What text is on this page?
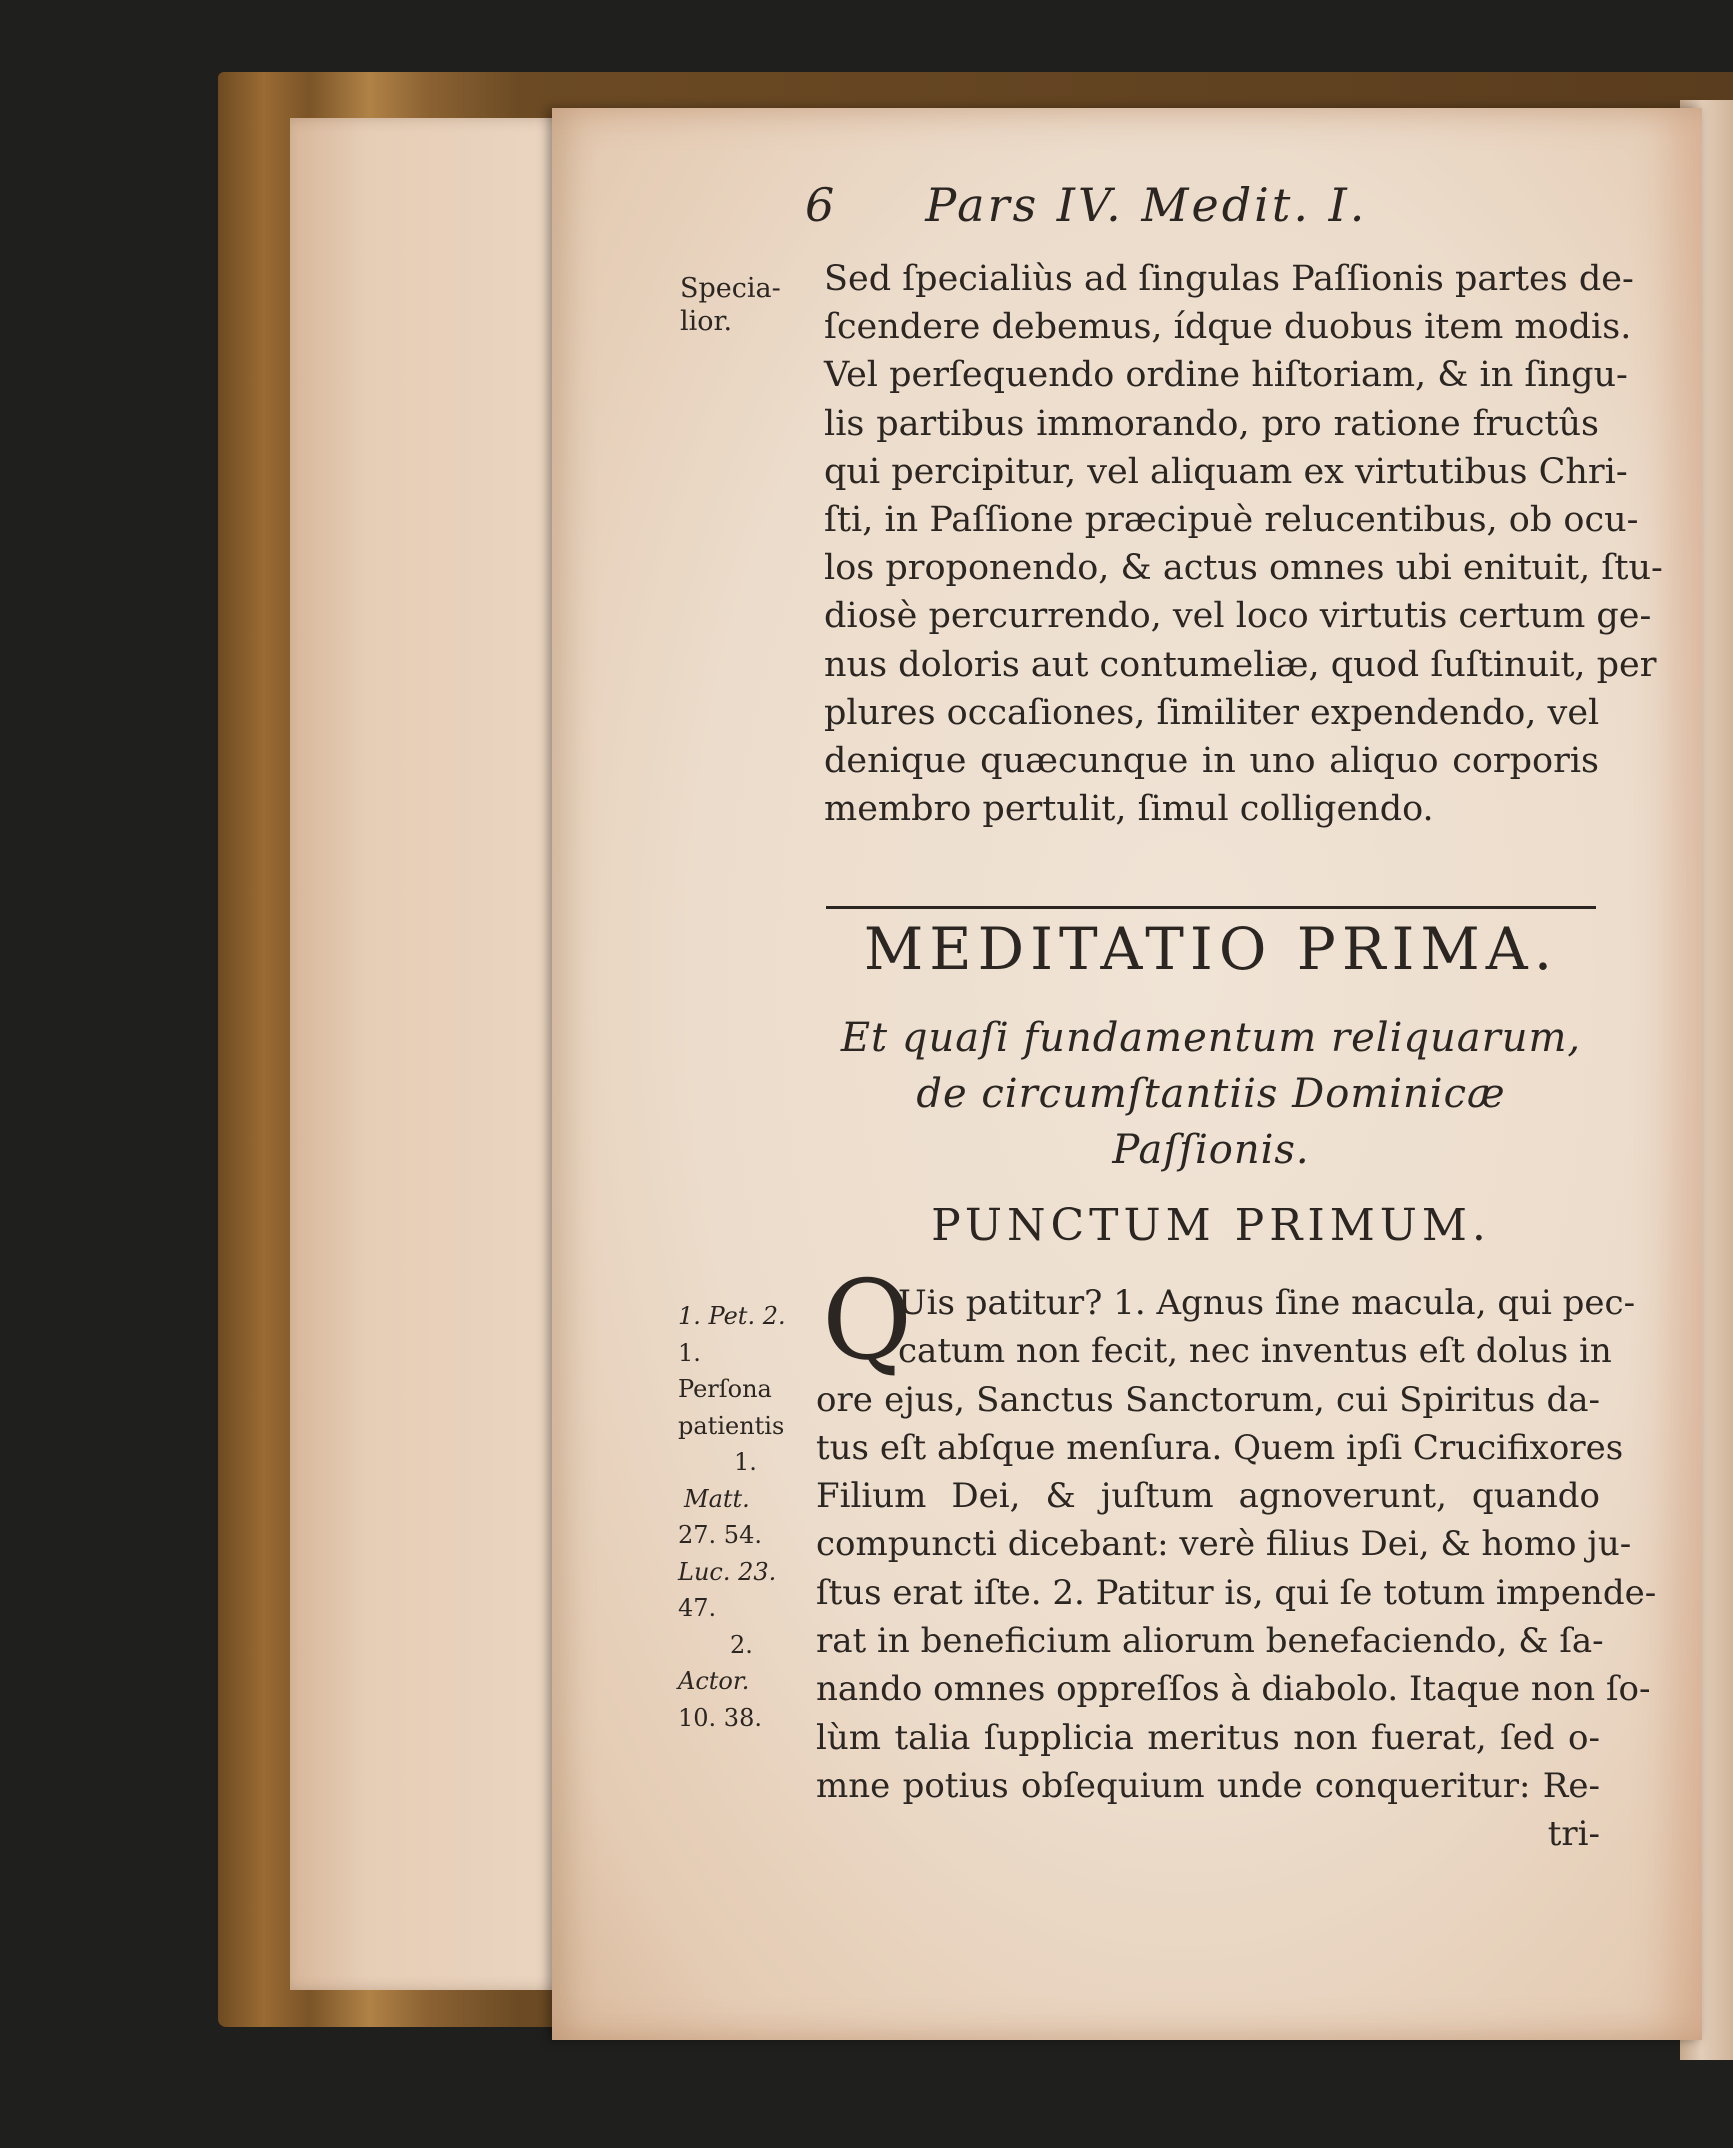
6 Pars IV. Medit. I.
Specia-
lior.
Sed ſpecialiùs ad ſingulas Paſſionis partes de-
ſcendere debemus, ídque duobus item modis.
Vel perſequendo ordine hiſtoriam, & in ſingu-
lis partibus immorando, pro ratione fructûs
qui percipitur, vel aliquam ex virtutibus Chri-
ſti, in Paſſione præcipuè relucentibus, ob ocu-
los proponendo, & actus omnes ubi enituit, ſtu-
diosè percurrendo, vel loco virtutis certum ge-
nus doloris aut contumeliæ, quod ſuſtinuit, per
plures occaſiones, ſimiliter expendendo, vel
denique quæcunque in uno aliquo corporis
membro pertulit, ſimul colligendo.
MEDITATIO PRIMA.
Et quaſi fundamentum reliquarum,
de circumſtantiis Dominicæ
Paſſionis.
PUNCTUM PRIMUM.
Q
Uis patitur? 1. Agnus ſine macula, qui pec-
catum non fecit, nec inventus eſt dolus in
ore ejus, Sanctus Sanctorum, cui Spiritus da-
tus eſt abſque menſura. Quem ipſi Crucifixores
Filium Dei, & juſtum agnoverunt, quando
compuncti dicebant: verè filius Dei, & homo ju-
ſtus erat iſte. 2. Patitur is, qui ſe totum impende-
rat in beneficium aliorum benefaciendo, & ſa-
nando omnes oppreſſos à diabolo. Itaque non ſo-
lùm talia ſupplicia meritus non fuerat, ſed o-
mne potius obſequium unde conqueritur: Re-
tri-
1. Pet. 2.
1.
Perſona
patientis
1.
Matt.
27. 54.
Luc. 23.
47.
2.
Actor.
10. 38.
